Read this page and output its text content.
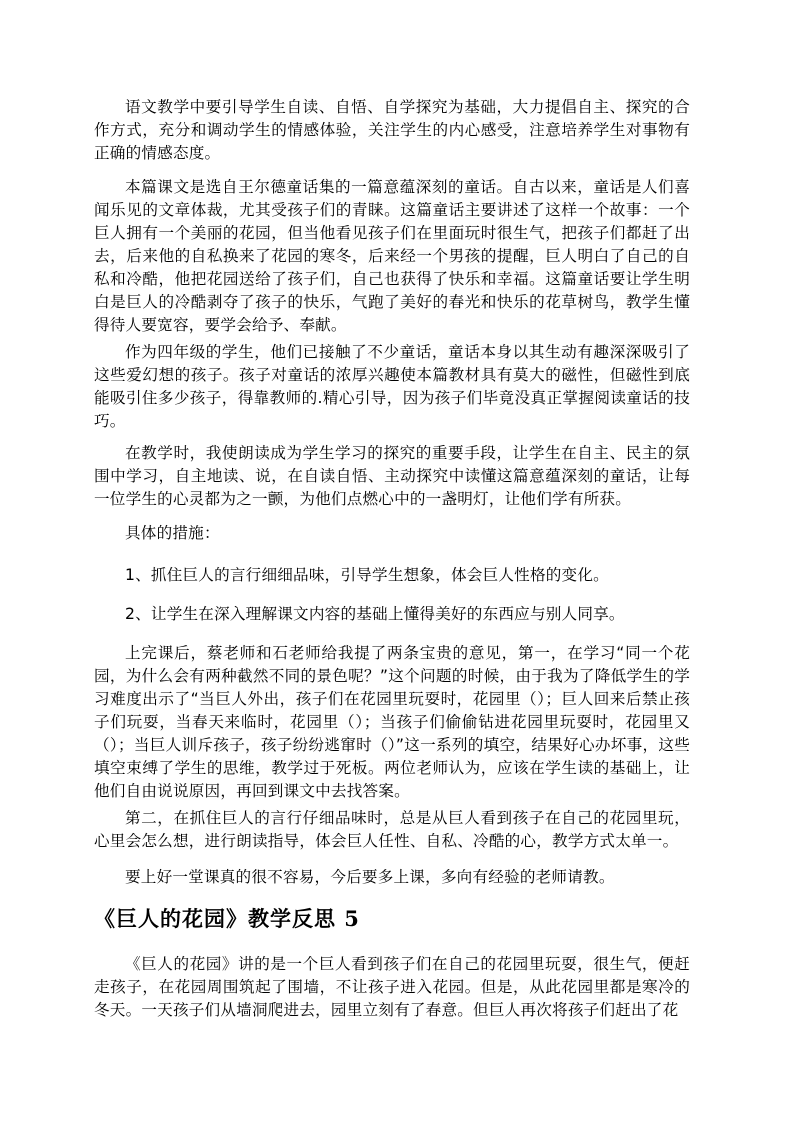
语文教学中要引导学生自读、自悟、自学探究为基础，大力提倡自主、探究的合作方式，充分和调动学生的情感体验，关注学生的内心感受，注意培养学生对事物有正确的情感态度。

本篇课文是选自王尔德童话集的一篇意蕴深刻的童话。自古以来，童话是人们喜闻乐见的文章体裁，尤其受孩子们的青睐。这篇童话主要讲述了这样一个故事：一个巨人拥有一个美丽的花园，但当他看见孩子们在里面玩时很生气，把孩子们都赶了出去，后来他的自私换来了花园的寒冬，后来经一个男孩的提醒，巨人明白了自己的自私和冷酷，他把花园送给了孩子们，自己也获得了快乐和幸福。这篇童话要让学生明白是巨人的冷酷剥夺了孩子的快乐，气跑了美好的春光和快乐的花草树鸟，教学生懂得待人要宽容，要学会给予、奉献。

作为四年级的学生，他们已接触了不少童话，童话本身以其生动有趣深深吸引了这些爱幻想的孩子。孩子对童话的浓厚兴趣使本篇教材具有莫大的磁性，但磁性到底能吸引住多少孩子，得靠教师的.精心引导，因为孩子们毕竟没真正掌握阅读童话的技巧。

在教学时，我使朗读成为学生学习的探究的重要手段，让学生在自主、民主的氛围中学习，自主地读、说，在自读自悟、主动探究中读懂这篇意蕴深刻的童话，让每一位学生的心灵都为之一颤，为他们点燃心中的一盏明灯，让他们学有所获。

具体的措施：

1、抓住巨人的言行细细品味，引导学生想象，体会巨人性格的变化。

2、让学生在深入理解课文内容的基础上懂得美好的东西应与别人同享。

上完课后，蔡老师和石老师给我提了两条宝贵的意见，第一，在学习“同一个花园，为什么会有两种截然不同的景色呢？”这个问题的时候，由于我为了降低学生的学习难度出示了“当巨人外出，孩子们在花园里玩耍时，花园里（）；巨人回来后禁止孩子们玩耍，当春天来临时，花园里（）；当孩子们偷偷钻进花园里玩耍时，花园里又（）；当巨人训斥孩子，孩子纷纷逃窜时（）”这一系列的填空，结果好心办坏事，这些填空束缚了学生的思维，教学过于死板。两位老师认为，应该在学生读的基础上，让他们自由说说原因，再回到课文中去找答案。

第二，在抓住巨人的言行仔细品味时，总是从巨人看到孩子在自己的花园里玩，心里会怎么想，进行朗读指导，体会巨人任性、自私、冷酷的心，教学方式太单一。

要上好一堂课真的很不容易，今后要多上课，多向有经验的老师请教。

《巨人的花园》教学反思 5

《巨人的花园》讲的是一个巨人看到孩子们在自己的花园里玩耍，很生气，便赶走孩子，在花园周围筑起了围墙，不让孩子进入花园。但是，从此花园里都是寒冷的冬天。一天孩子们从墙洞爬进去，园里立刻有了春意。但巨人再次将孩子们赶出了花
